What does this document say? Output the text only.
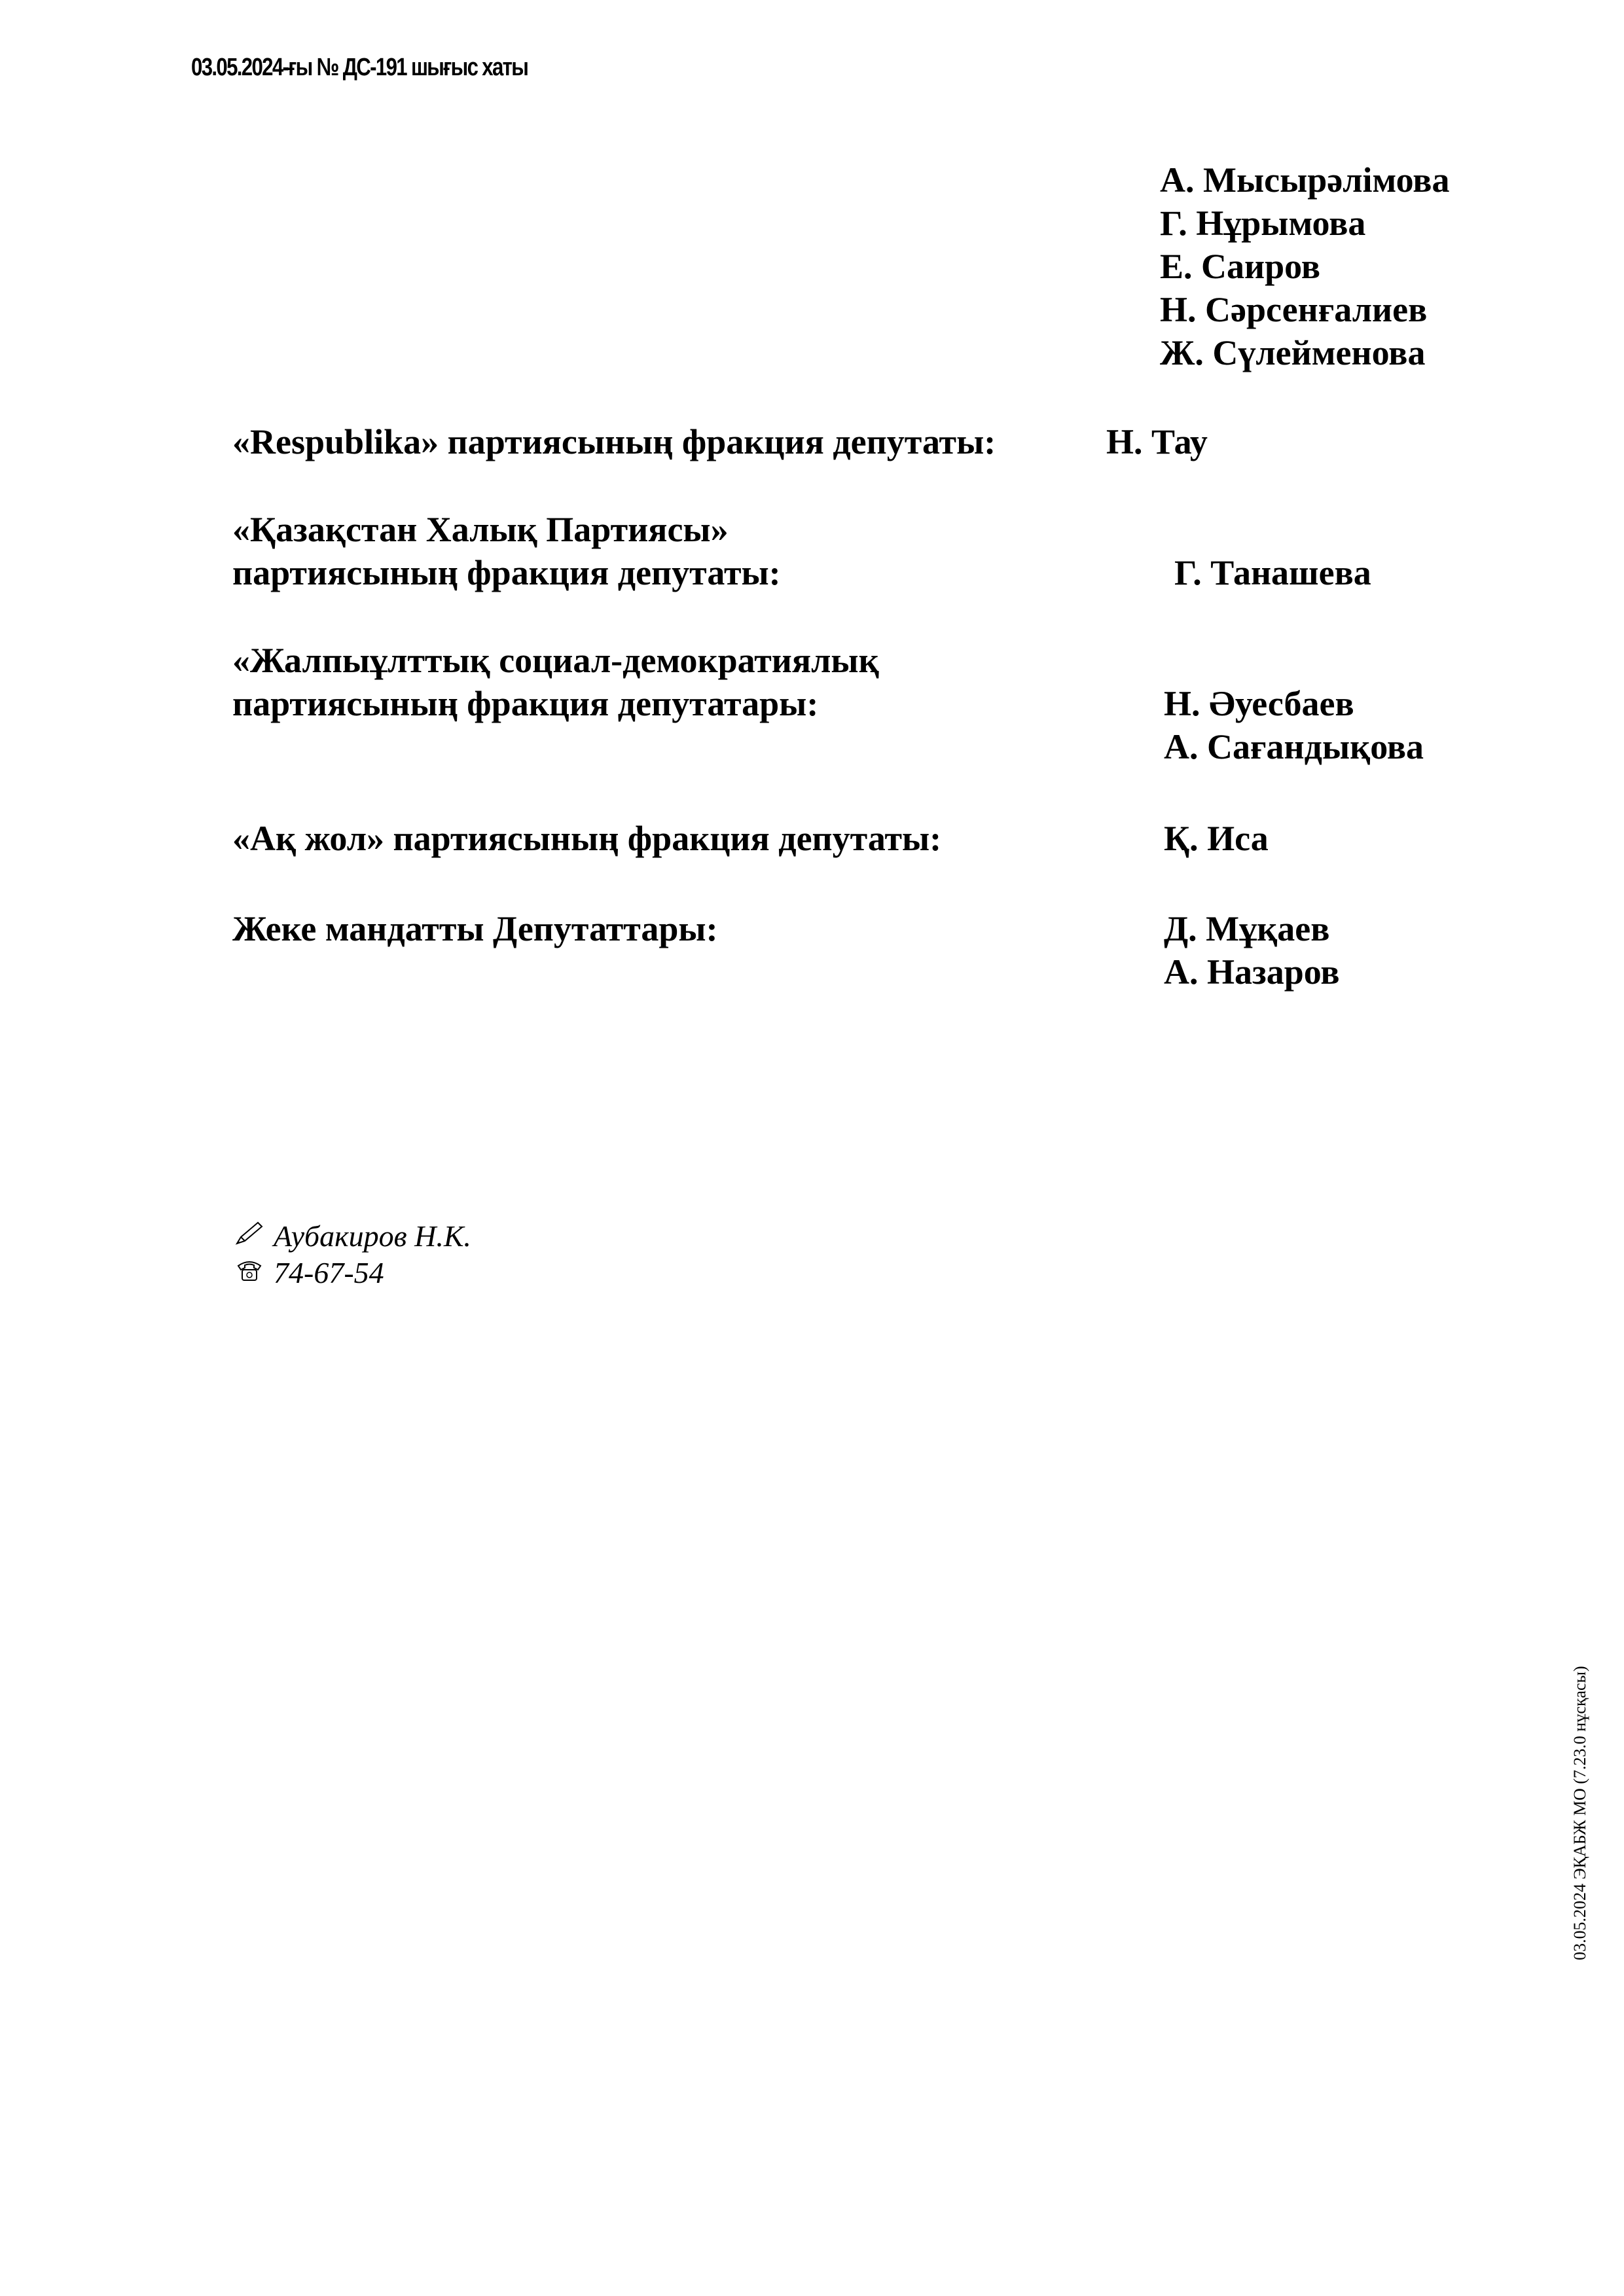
03.05.2024-ғы № ДС-191 шығыс хаты
А. Мысырәлімова
Г. Нұрымова
Е. Саиров
Н. Сәрсенғалиев
Ж. Сүлейменова
«Respublika» партиясының фракция депутаты:	Н. Тау
«Қазақстан Халық Партиясы»
партиясының фракция депутаты:	Г. Танашева
«Жалпыұлттық социал-демократиялық
партиясының фракция депутатары:	Н. Әуесбаев
А. Сағандықова
«Ақ жол» партиясының фракция депутаты:	Қ. Иса
Жеке мандатты Депутаттары:	Д. Мұқаев
А. Назаров
Аубакиров Н.К.
74-67-54
03.05.2024 ЭҚАБЖ МО (7.23.0 нұсқасы)
